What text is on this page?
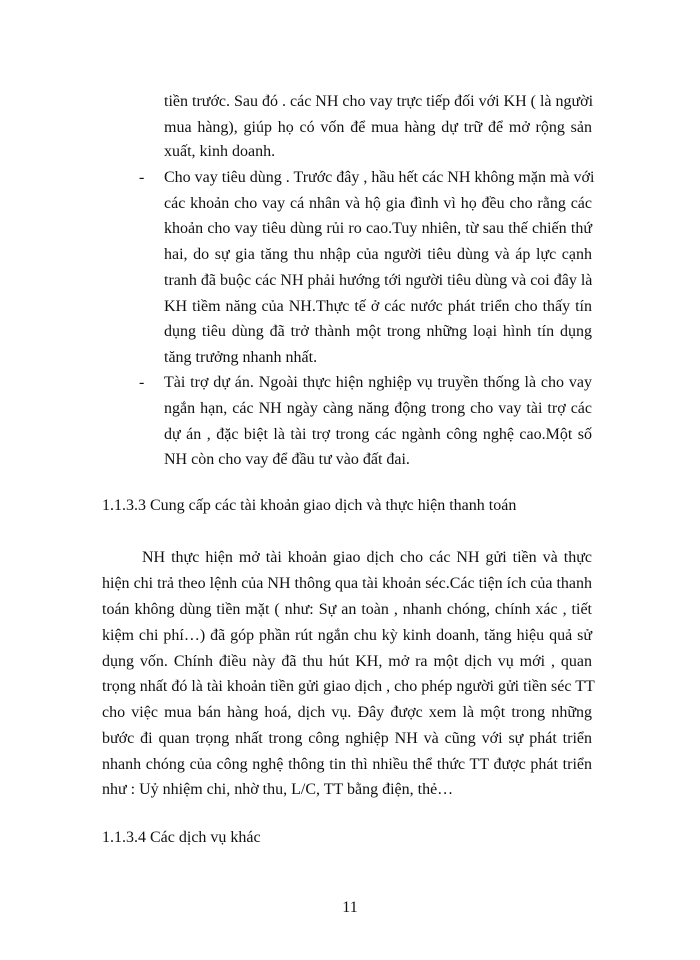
tiền trước. Sau đó . các NH cho vay trực tiếp đối với KH ( là người
mua hàng), giúp họ có vốn để mua hàng dự trữ để mở rộng sản
xuất, kinh doanh.
- Cho vay tiêu dùng . Trước đây , hầu hết các NH không mặn mà với
các khoản cho vay cá nhân và hộ gia đình vì họ đều cho rằng các
khoản cho vay tiêu dùng rủi ro cao.Tuy nhiên, từ sau thế chiến thứ
hai, do sự gia tăng thu nhập của người tiêu dùng và áp lực cạnh
tranh đã buộc các NH phải hướng tới người tiêu dùng và coi đây là
KH tiềm năng của NH.Thực tế ở các nước phát triển cho thấy tín
dụng tiêu dùng đã trở thành một trong những loại hình tín dụng
tăng trưởng nhanh nhất.
- Tài trợ dự án. Ngoài thực hiện nghiệp vụ truyền thống là cho vay
ngắn hạn, các NH ngày càng năng động trong cho vay tài trợ các
dự án , đặc biệt là tài trợ trong các ngành công nghệ cao.Một số
NH còn cho vay để đầu tư vào đất đai.
1.1.3.3 Cung cấp các tài khoản giao dịch và thực hiện thanh toán
NH thực hiện mở tài khoản giao dịch cho các NH gửi tiền và thực
hiện chi trả theo lệnh của NH thông qua tài khoản séc.Các tiện ích của thanh
toán không dùng tiền mặt ( như: Sự an toàn , nhanh chóng, chính xác , tiết
kiệm chi phí…) đã góp phần rút ngắn chu kỳ kinh doanh, tăng hiệu quả sử
dụng vốn. Chính điều này đã thu hút KH, mở ra một dịch vụ mới , quan
trọng nhất đó là tài khoản tiền gửi giao dịch , cho phép người gửi tiền séc TT
cho việc mua bán hàng hoá, dịch vụ. Đây được xem là một trong những
bước đi quan trọng nhất trong công nghiệp NH và cũng với sự phát triển
nhanh chóng của công nghệ thông tin thì nhiều thể thức TT được phát triển
như : Uỷ nhiệm chi, nhờ thu, L/C, TT bằng điện, thẻ…
1.1.3.4 Các dịch vụ khác
11
